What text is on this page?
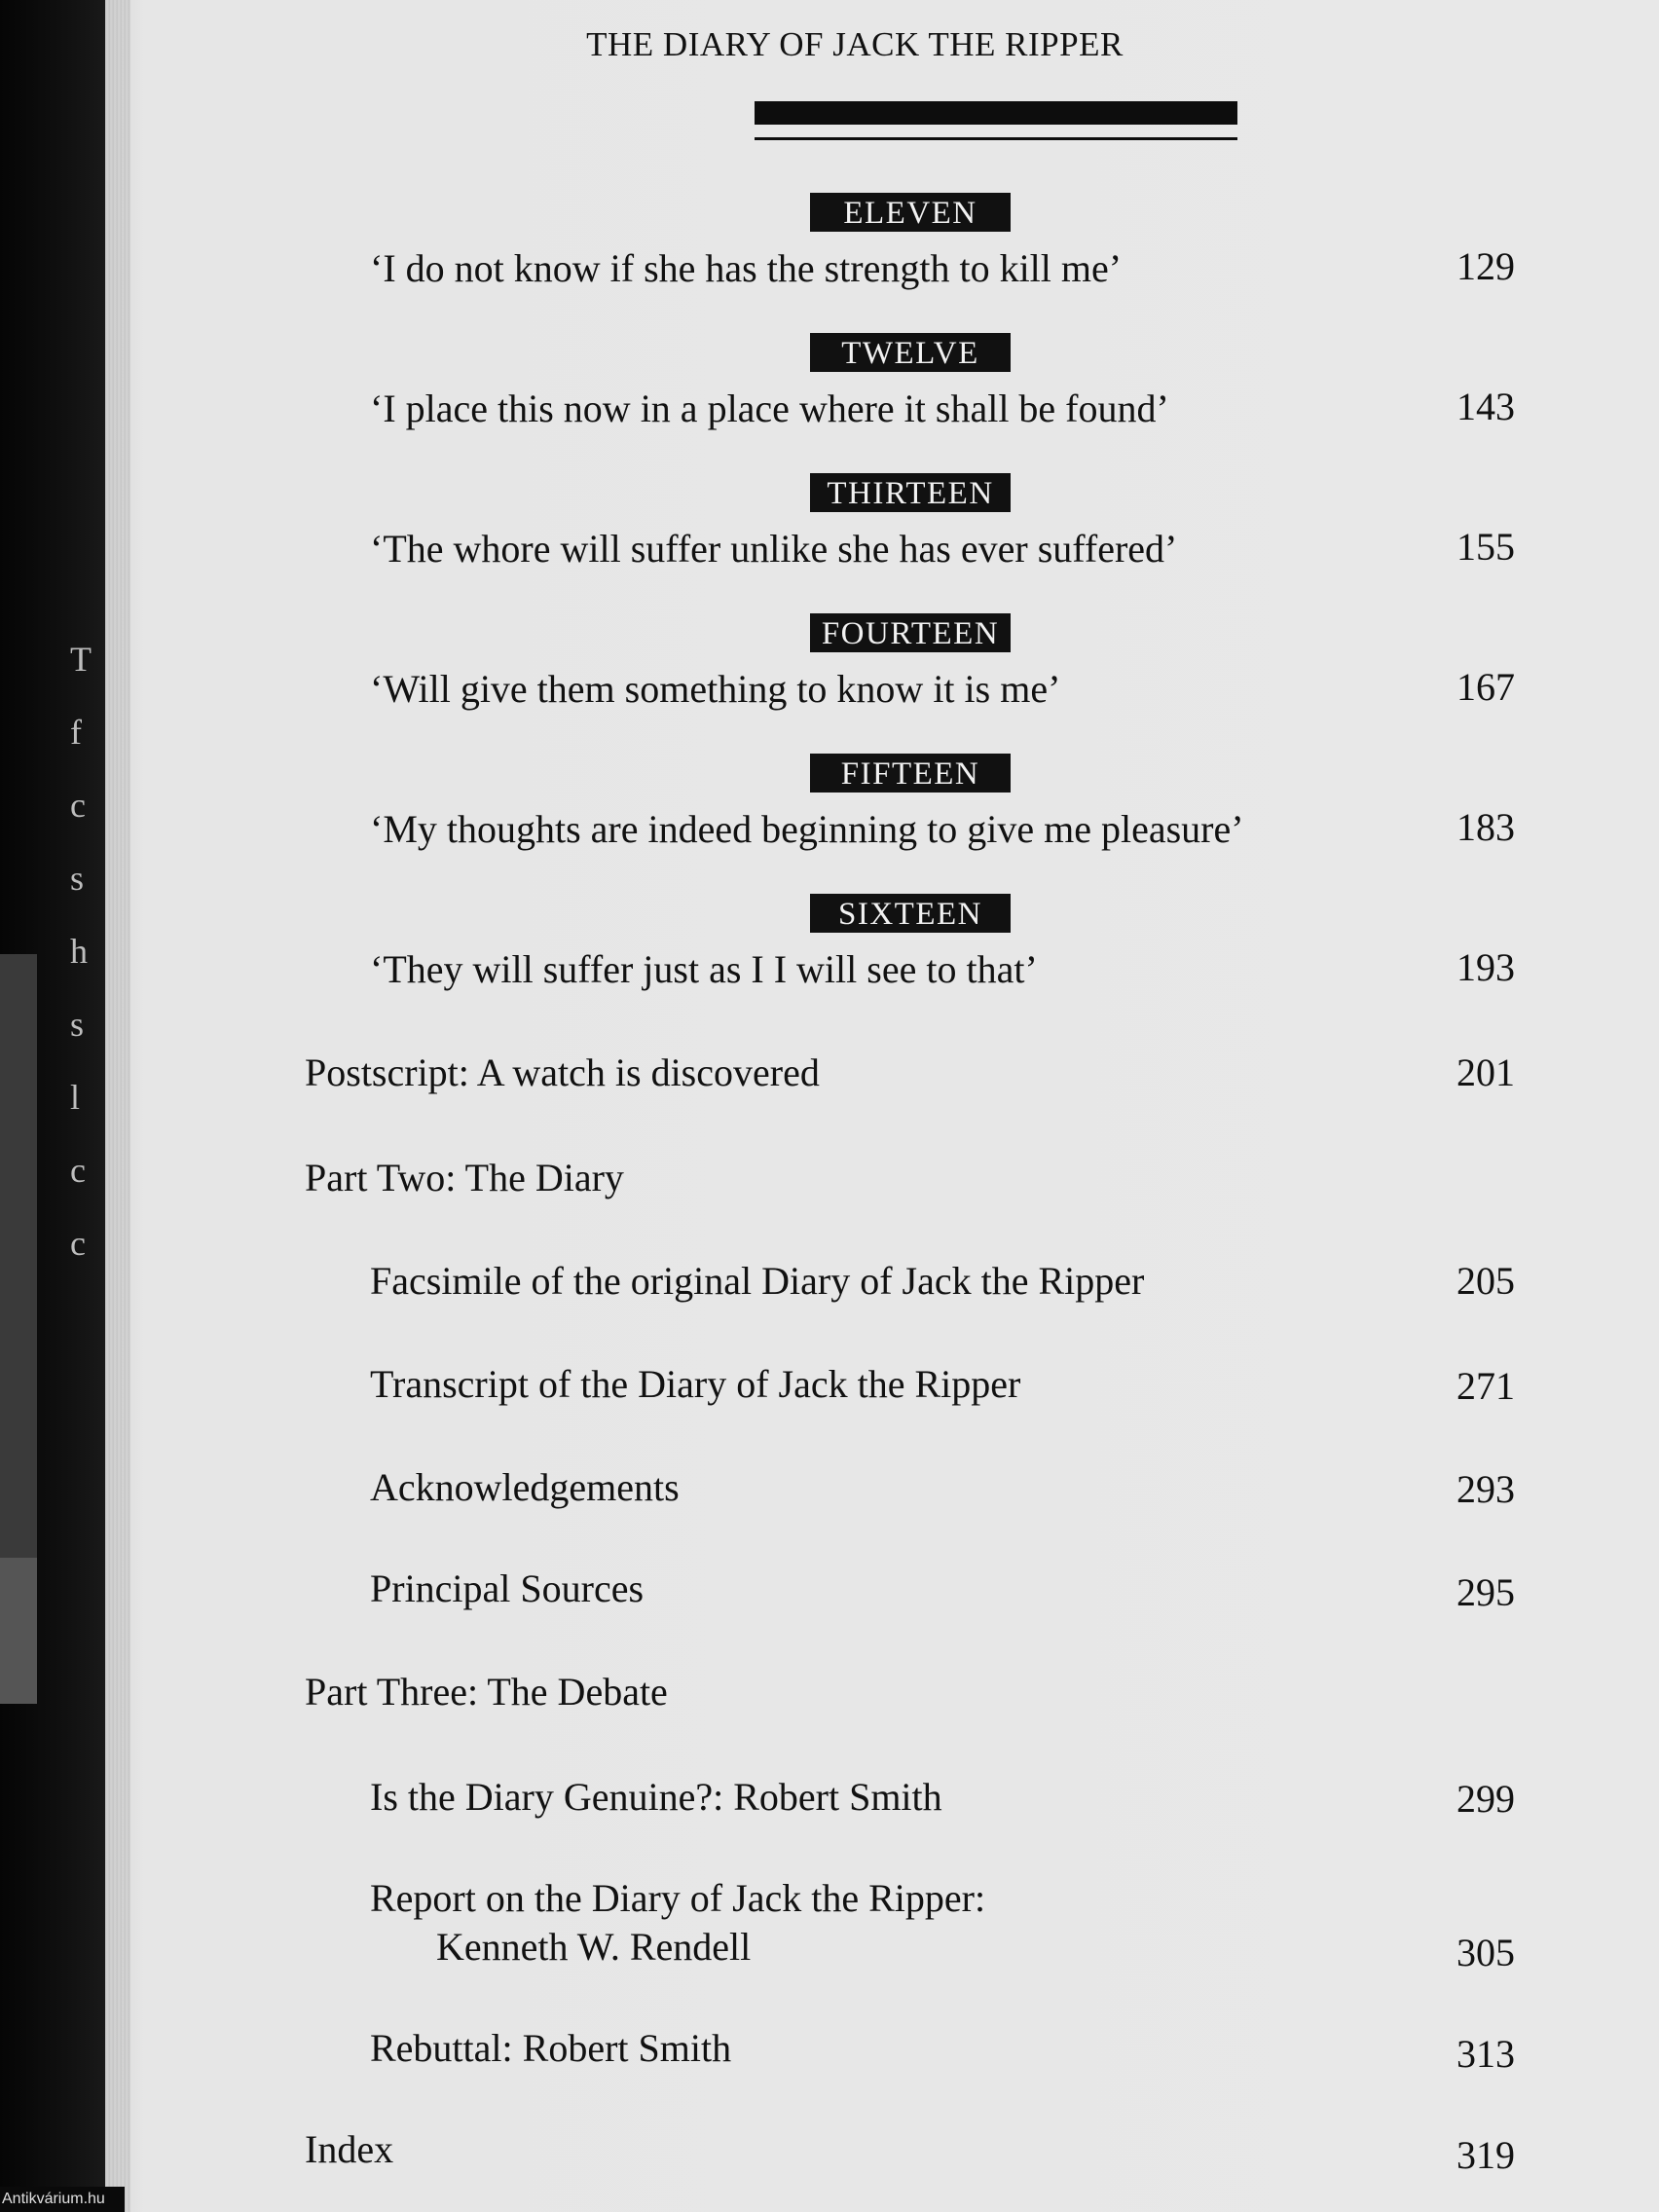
T
f
c
s
h
s
l
c
c
THE DIARY OF JACK THE RIPPER
ELEVEN
‘I do not know if she has the strength to kill me’	129
TWELVE
‘I place this now in a place where it shall be found’	143
THIRTEEN
‘The whore will suffer unlike she has ever suffered’	155
FOURTEEN
‘Will give them something to know it is me’	167
FIFTEEN
‘My thoughts are indeed beginning to give me pleasure’	183
SIXTEEN
‘They will suffer just as I I will see to that’	193
Postscript: A watch is discovered	201
Part Two: The Diary
Facsimile of the original Diary of Jack the Ripper	205
Transcript of the Diary of Jack the Ripper	271
Acknowledgements	293
Principal Sources	295
Part Three: The Debate
Is the Diary Genuine?: Robert Smith	299
Report on the Diary of Jack the Ripper:
Kenneth W. Rendell	305
Rebuttal: Robert Smith	313
Index	319
Antikvárium.hu
